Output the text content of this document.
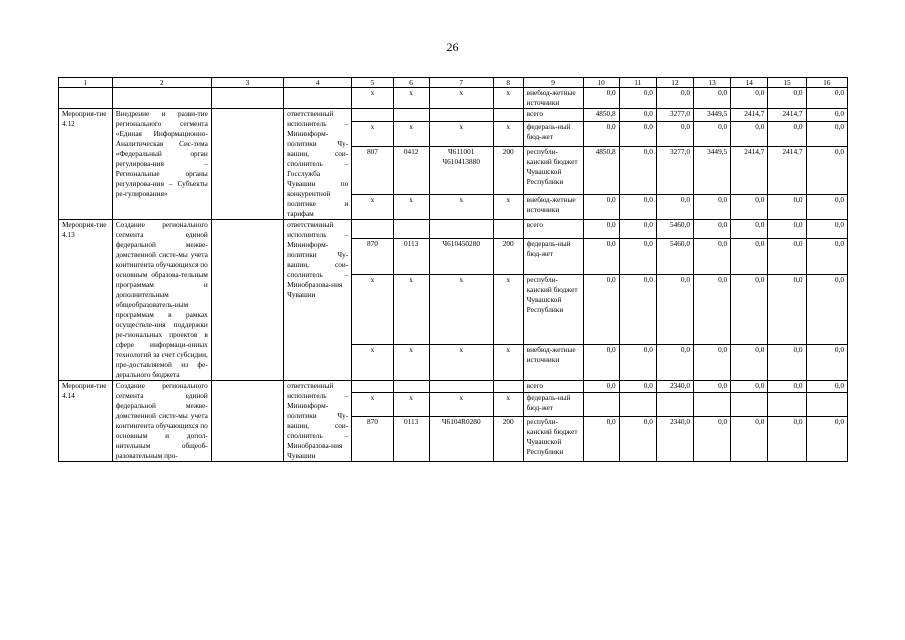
26
1	2	3	4	5	6	7	8	9	10	11	12	13	14	15	16
				х	х	х	х	внебюд-жетные источники	0,0	0,0	0,0	0,0	0,0	0,0	0,0
Мероприя-тие 4.12	Внедрение и разви-тие регионального сегмента «Единая Информационно-Аналитическая Сис-тема «Федеральный орган регулирова-ния – Региональные органы регулирова-ния – Субъекты ре-гулирования»		ответственный исполнитель – Мининформ-политики Чу-вашии, сои-сполнитель – Госслужба Чувашии по конкурентной политике и тарифам					всего	4850,8	0,0	3277,0	3449,5	2414,7	2414,7	0,0
				х	х	х	х	федераль-ный бюд-жет	0,0	0,0	0,0	0,0	0,0	0,0	0,0
				807	0412	Ч611001 Ч610413880	200	республи-канский бюджет Чувашской Республики	4850,8	0,0	3277,0	3449,5	2414,7	2414,7	0,0
				х	х	х	х	внебюд-жетные источники	0,0	0,0	0,0	0,0	0,0	0,0	0,0
Мероприя-тие 4.13	Создание регионального сегмента единой федеральной межве-домственной систе-мы учета контингента обучающихся по основным образова-тельным программам и дополнительным общеобразователь-ным программам в рамках осуществле-ния поддержки ре-гиональных проектов в сфере информаци-онных технологий за счет субсидии, пре-доставляемой из фе-дерального бюджета		ответственный исполнитель – Мининформ-политики Чу-вашии, сои-сполнитель – Минобразова-ния Чувашии					всего	0,0	0,0	5460,0	0,0	0,0	0,0	0,0
				870	0113	Ч610450280	200	федераль-ный бюд-жет	0,0	0,0	5460,0	0,0	0,0	0,0	0,0
				х	х	х	х	республи-канский бюджет Чувашской Республики	0,0	0,0	0,0	0,0	0,0	0,0	0,0
				х	х	х	х	внебюд-жетные источники	0,0	0,0	0,0	0,0	0,0	0,0	0,0
Мероприя-тие 4.14	Создание регионального сегмента единой федеральной межве-домственной систе-мы учета контингента обучающихся по основным и допол-нительным общеоб-разовательным про-		ответственный исполнитель – Мининформ-политики Чу-вашии, сои-сполнитель – Минобразова-ния Чувашии					всего	0,0	0,0	2340,0	0,0	0,0	0,0	0,0
				х	х	х	х	федераль-ный бюд-жет							
				870	0113	Ч6104R0280	200	республи-канский бюджет Чувашской Республики	0,0	0,0	2340,0	0,0	0,0	0,0	0,0
